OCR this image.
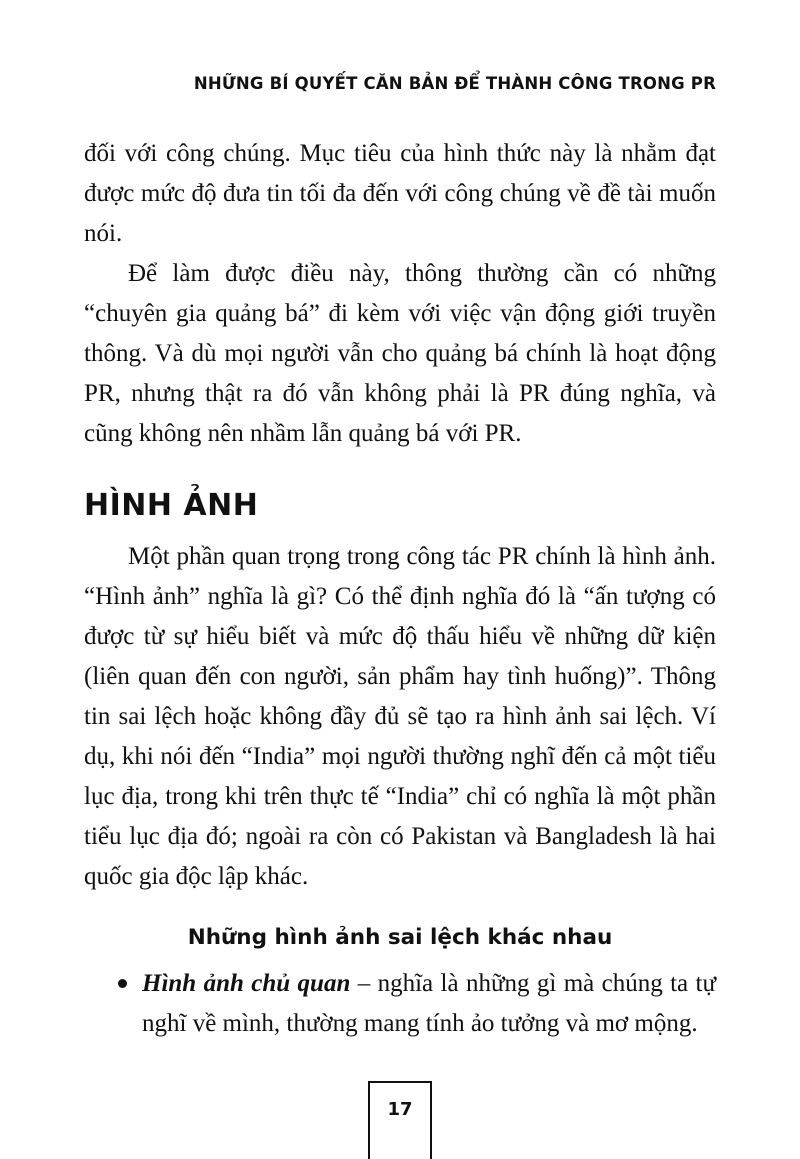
NHỮNG BÍ QUYẾT CĂN BẢN ĐỂ THÀNH CÔNG TRONG PR

đối với công chúng. Mục tiêu của hình thức này là nhằm đạt được mức độ đưa tin tối đa đến với công chúng về đề tài muốn nói.

Để làm được điều này, thông thường cần có những “chuyên gia quảng bá” đi kèm với việc vận động giới truyền thông. Và dù mọi người vẫn cho quảng bá chính là hoạt động PR, nhưng thật ra đó vẫn không phải là PR đúng nghĩa, và cũng không nên nhầm lẫn quảng bá với PR.

HÌNH ẢNH

Một phần quan trọng trong công tác PR chính là hình ảnh. “Hình ảnh” nghĩa là gì? Có thể định nghĩa đó là “ấn tượng có được từ sự hiểu biết và mức độ thấu hiểu về những dữ kiện (liên quan đến con người, sản phẩm hay tình huống)”. Thông tin sai lệch hoặc không đầy đủ sẽ tạo ra hình ảnh sai lệch. Ví dụ, khi nói đến “India” mọi người thường nghĩ đến cả một tiểu lục địa, trong khi trên thực tế “India” chỉ có nghĩa là một phần tiểu lục địa đó; ngoài ra còn có Pakistan và Bangladesh là hai quốc gia độc lập khác.

Những hình ảnh sai lệch khác nhau
Hình ảnh chủ quan – nghĩa là những gì mà chúng ta tự nghĩ về mình, thường mang tính ảo tưởng và mơ mộng.
17
